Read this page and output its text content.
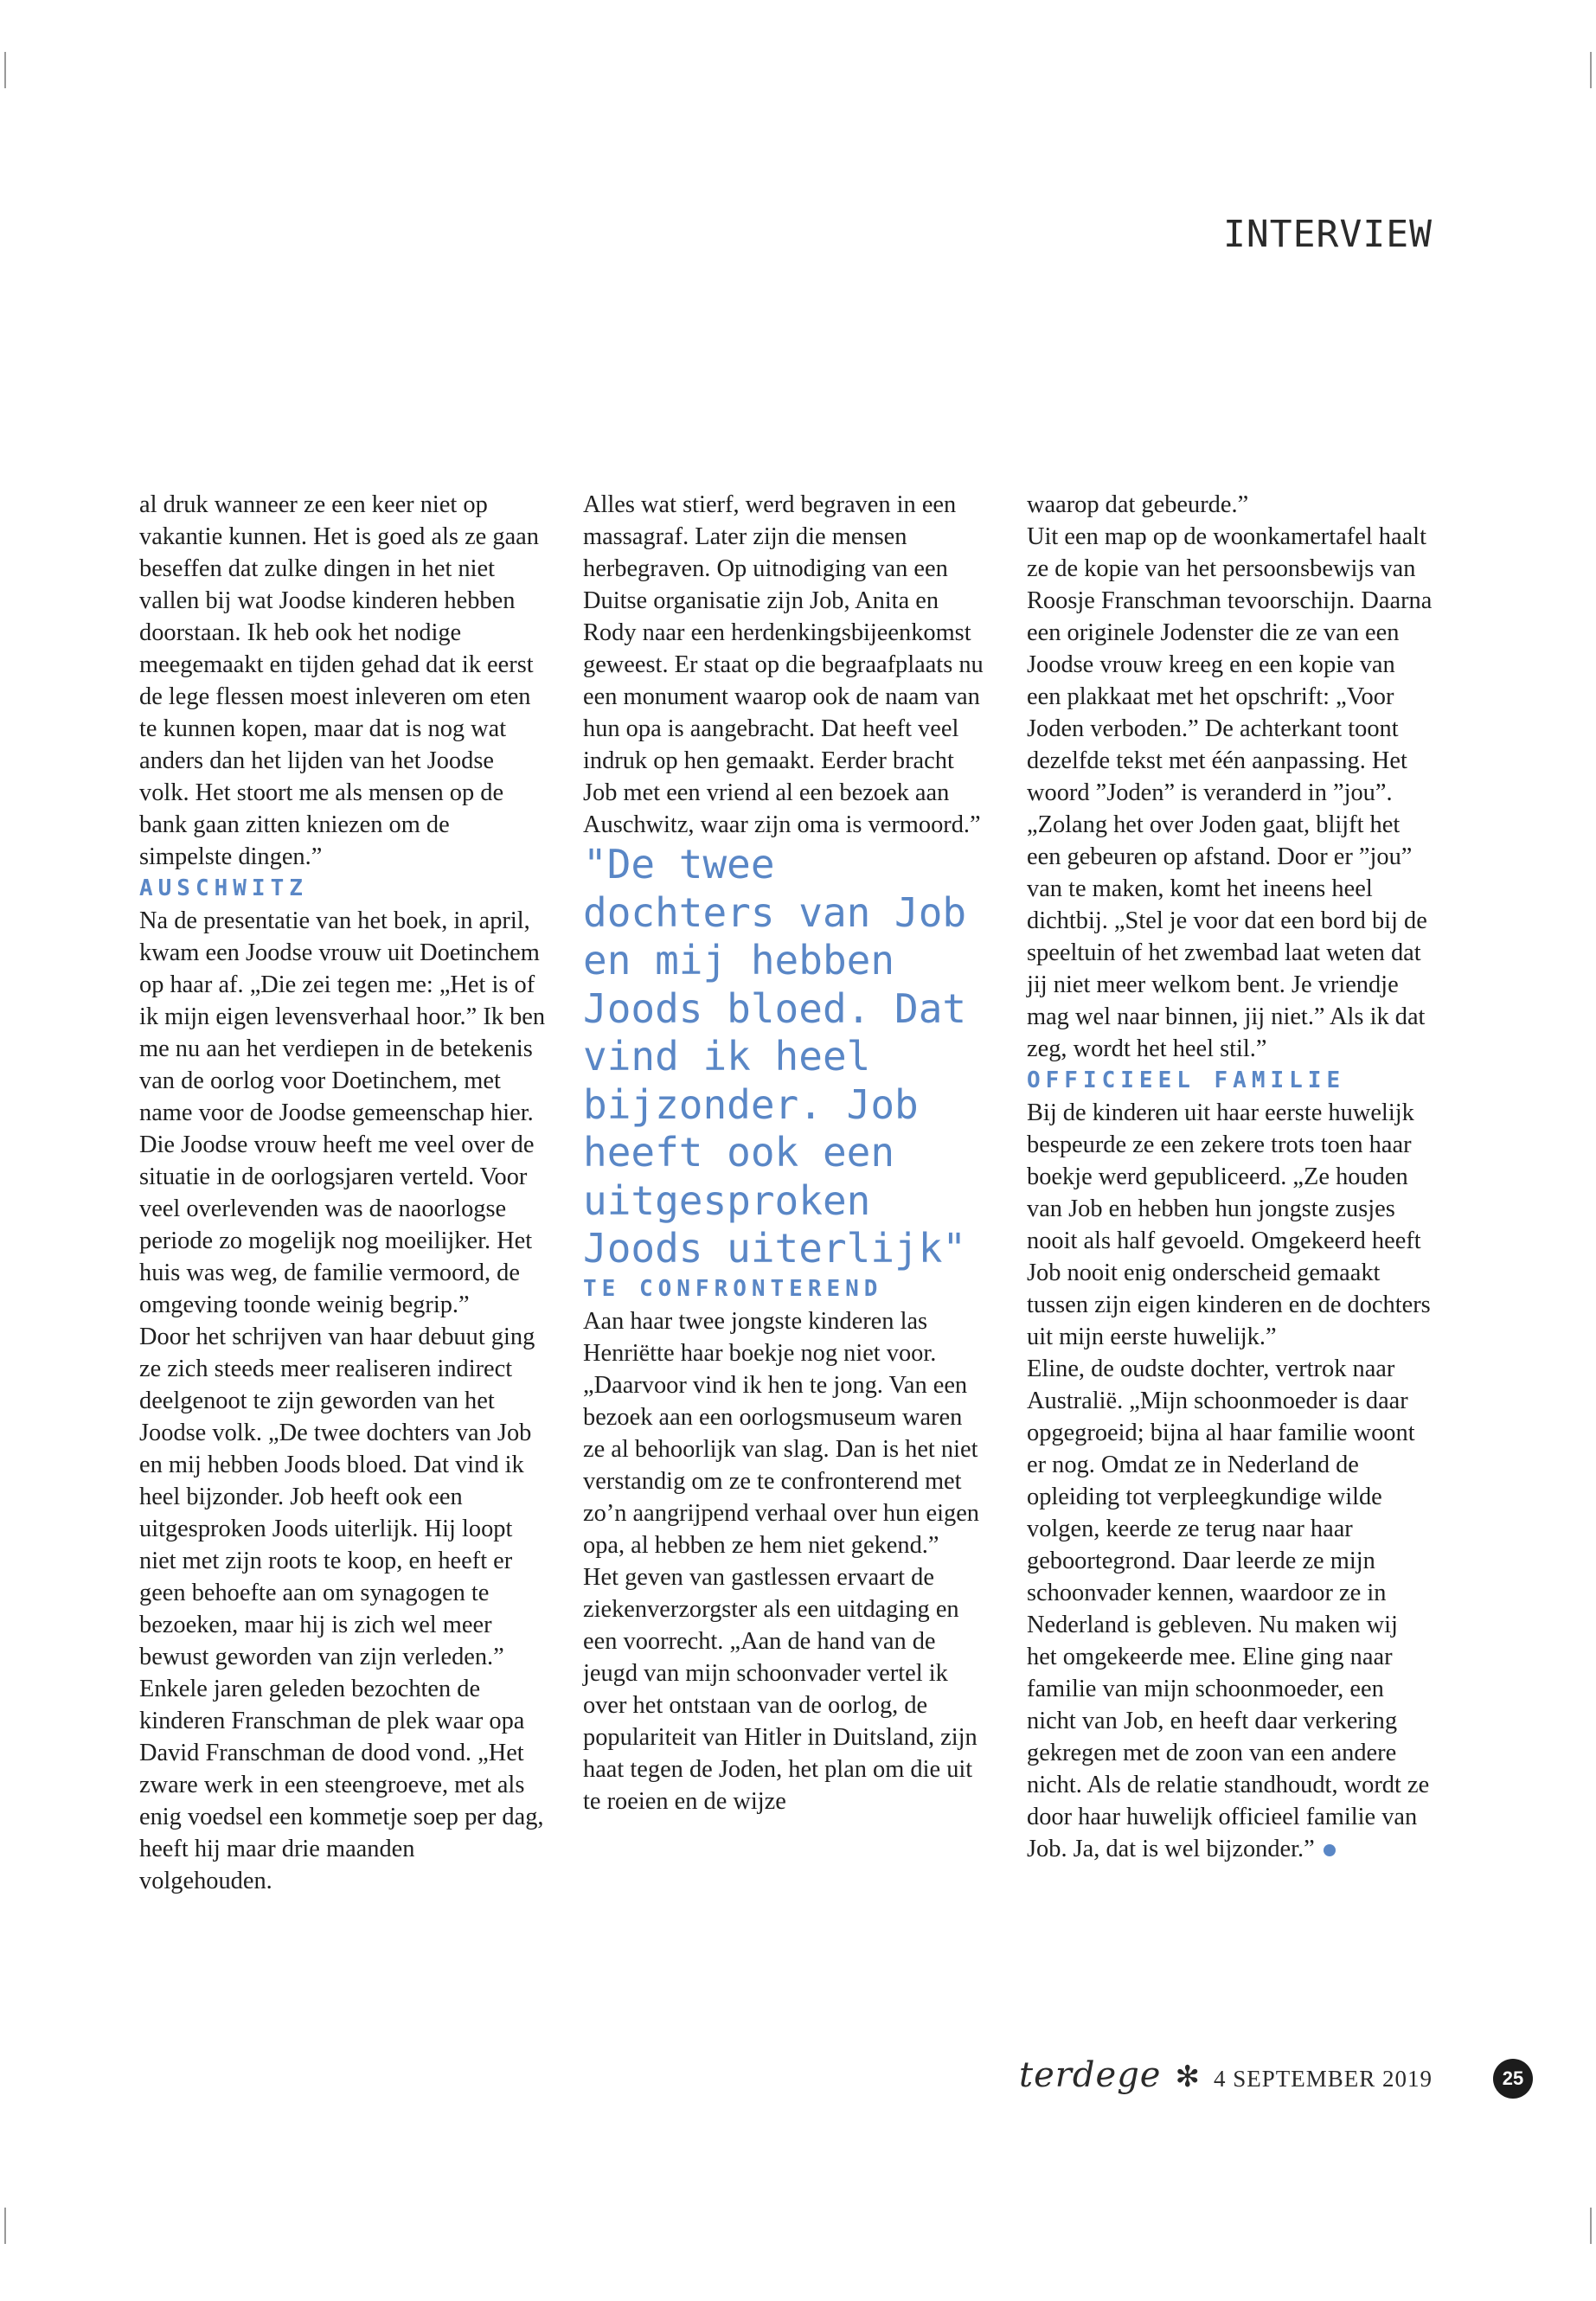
INTERVIEW

al druk wanneer ze een keer niet op vakantie kunnen. Het is goed als ze gaan beseffen dat zulke dingen in het niet vallen bij wat Joodse kinderen hebben doorstaan. Ik heb ook het nodige meegemaakt en tijden gehad dat ik eerst de lege flessen moest inleveren om eten te kunnen kopen, maar dat is nog wat anders dan het lijden van het Joodse volk. Het stoort me als mensen op de bank gaan zitten kniezen om de simpelste dingen.”

AUSCHWITZ

Na de presentatie van het boek, in april, kwam een Joodse vrouw uit Doetinchem op haar af. „Die zei tegen me: „Het is of ik mijn eigen levensverhaal hoor.” Ik ben me nu aan het verdiepen in de betekenis van de oorlog voor Doetinchem, met name voor de Joodse gemeenschap hier. Die Joodse vrouw heeft me veel over de situatie in de oorlogsjaren verteld. Voor veel overlevenden was de naoorlogse periode zo mogelijk nog moeilijker. Het huis was weg, de familie vermoord, de omgeving toonde weinig begrip.”

Door het schrijven van haar debuut ging ze zich steeds meer realiseren indirect deelgenoot te zijn geworden van het Joodse volk. „De twee dochters van Job en mij hebben Joods bloed. Dat vind ik heel bijzonder. Job heeft ook een uitgesproken Joods uiterlijk. Hij loopt niet met zijn roots te koop, en heeft er geen behoefte aan om synagogen te bezoeken, maar hij is zich wel meer bewust geworden van zijn verleden.”

Enkele jaren geleden bezochten de kinderen Franschman de plek waar opa David Franschman de dood vond. „Het zware werk in een steengroeve, met als enig voedsel een kommetje soep per dag, heeft hij maar drie maanden volgehouden.

Alles wat stierf, werd begraven in een massagraf. Later zijn die mensen herbegraven. Op uitnodiging van een Duitse organisatie zijn Job, Anita en Rody naar een herdenkingsbijeenkomst geweest. Er staat op die begraafplaats nu een monument waarop ook de naam van hun opa is aangebracht. Dat heeft veel indruk op hen gemaakt. Eerder bracht Job met een vriend al een bezoek aan Auschwitz, waar zijn oma is vermoord.”

"De twee dochters van Job en mij hebben Joods bloed. Dat vind ik heel bijzonder. Job heeft ook een uitgesproken Joods uiterlijk"

TE CONFRONTEREND

Aan haar twee jongste kinderen las Henriëtte haar boekje nog niet voor. „Daarvoor vind ik hen te jong. Van een bezoek aan een oorlogsmuseum waren ze al behoorlijk van slag. Dan is het niet verstandig om ze te confronterend met zo’n aangrijpend verhaal over hun eigen opa, al hebben ze hem niet gekend.”

Het geven van gastlessen ervaart de ziekenverzorgster als een uitdaging en een voorrecht. „Aan de hand van de jeugd van mijn schoonvader vertel ik over het ontstaan van de oorlog, de populariteit van Hitler in Duitsland, zijn haat tegen de Joden, het plan om die uit te roeien en de wijze

waarop dat gebeurde.”

Uit een map op de woonkamertafel haalt ze de kopie van het persoonsbewijs van Roosje Franschman tevoorschijn. Daarna een originele Jodenster die ze van een Joodse vrouw kreeg en een kopie van een plakkaat met het opschrift: „Voor Joden verboden.” De achterkant toont dezelfde tekst met één aanpassing. Het woord ”Joden” is veranderd in ”jou”. „Zolang het over Joden gaat, blijft het een gebeuren op afstand. Door er ”jou” van te maken, komt het ineens heel dichtbij. „Stel je voor dat een bord bij de speeltuin of het zwembad laat weten dat jij niet meer welkom bent. Je vriendje mag wel naar binnen, jij niet.” Als ik dat zeg, wordt het heel stil.”

OFFICIEEL FAMILIE

Bij de kinderen uit haar eerste huwelijk bespeurde ze een zekere trots toen haar boekje werd gepubliceerd. „Ze houden van Job en hebben hun jongste zusjes nooit als half gevoeld. Omgekeerd heeft Job nooit enig onderscheid gemaakt tussen zijn eigen kinderen en de dochters uit mijn eerste huwelijk.”

Eline, de oudste dochter, vertrok naar Australië. „Mijn schoonmoeder is daar opgegroeid; bijna al haar familie woont er nog. Omdat ze in Nederland de opleiding tot verpleegkundige wilde volgen, keerde ze terug naar haar geboortegrond. Daar leerde ze mijn schoonvader kennen, waardoor ze in Nederland is gebleven. Nu maken wij het omgekeerde mee. Eline ging naar familie van mijn schoonmoeder, een nicht van Job, en heeft daar verkering gekregen met de zoon van een andere nicht. Als de relatie standhoudt, wordt ze door haar huwelijk officieel familie van Job. Ja, dat is wel bijzonder.”

terdege ✻ 4 SEPTEMBER 2019	25
